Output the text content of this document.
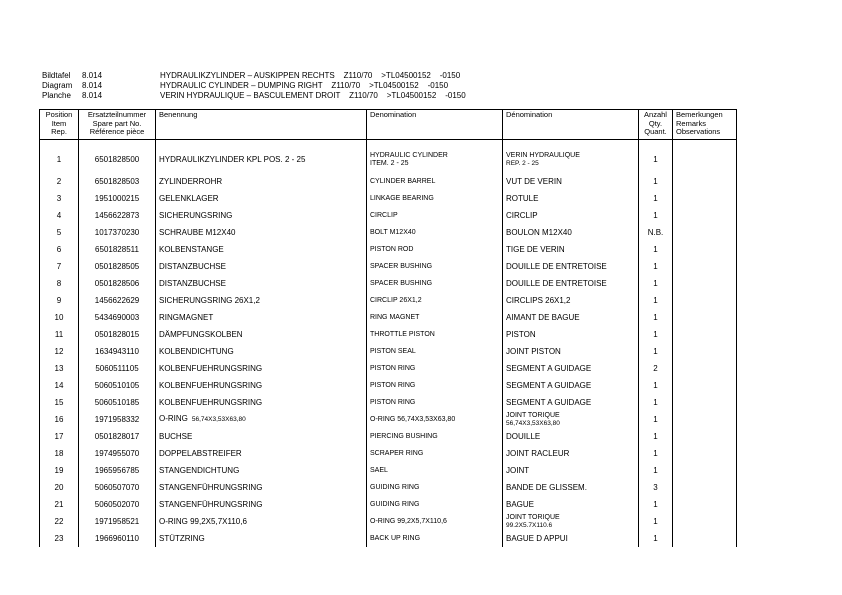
Bildtafel 8.014	HYDRAULIKZYLINDER – AUSKIPPEN RECHTS    Z110/70    >TL04500152    -0150
Diagram 8.014	HYDRAULIC CYLINDER – DUMPING RIGHT    Z110/70    >TL04500152    -0150
Planche 8.014	VERIN HYDRAULIQUE – BASCULEMENT DROIT    Z110/70    >TL04500152    -0150
Position
Item
Rep.	Ersatzteilnummer
Spare part No.
Référence pièce	Benennung	Denomination	Dénomination	Anzahl
Qty.
Quant.	Bemerkungen
Remarks
Observations

1	6501828500	HYDRAULIKZYLINDER KPL POS. 2 - 25	HYDRAULIC CYLINDER
ITEM. 2 - 25	VERIN HYDRAULIQUE
REP. 2 - 25	1	
2	6501828503	ZYLINDERROHR	CYLINDER BARREL	VUT DE VERIN	1	
3	1951000215	GELENKLAGER	LINKAGE BEARING	ROTULE	1	
4	1456622873	SICHERUNGSRING	CIRCLIP	CIRCLIP	1	
5	1017370230	SCHRAUBE M12X40	BOLT M12X40	BOULON M12X40	N.B.	
6	6501828511	KOLBENSTANGE	PISTON ROD	TIGE DE VERIN	1	
7	0501828505	DISTANZBUCHSE	SPACER BUSHING	DOUILLE DE ENTRETOISE	1	
8	0501828506	DISTANZBUCHSE	SPACER BUSHING	DOUILLE DE ENTRETOISE	1	
9	1456622629	SICHERUNGSRING 26X1,2	CIRCLIP 26X1,2	CIRCLIPS 26X1,2	1	
10	5434690003	RINGMAGNET	RING MAGNET	AIMANT DE BAGUE	1	
11	0501828015	DÄMPFUNGSKOLBEN	THROTTLE PISTON	PISTON	1	
12	1634943110	KOLBENDICHTUNG	PISTON SEAL	JOINT PISTON	1	
13	5060511105	KOLBENFUEHRUNGSRING	PISTON RING	SEGMENT A GUIDAGE	2	
14	5060510105	KOLBENFUEHRUNGSRING	PISTON RING	SEGMENT A GUIDAGE	1	
15	5060510185	KOLBENFUEHRUNGSRING	PISTON RING	SEGMENT A GUIDAGE	1	
16	1971958332	O-RING 56,74X3,53X63,80	O-RING 56,74X3,53X63,80	JOINT TORIQUE
56,74X3,53X63,80	1	
17	0501828017	BUCHSE	PIERCING BUSHING	DOUILLE	1	
18	1974955070	DOPPELABSTREIFER	SCRAPER RING	JOINT RACLEUR	1	
19	1965956785	STANGENDICHTUNG	SAEL	JOINT	1	
20	5060507070	STANGENFÜHRUNGSRING	GUIDING RING	BANDE DE GLISSEM.	3	
21	5060502070	STANGENFÜHRUNGSRING	GUIDING RING	BAGUE	1	
22	1971958521	O-RING 99,2X5,7X110,6	O-RING 99,2X5,7X110,6	JOINT TORIQUE
99.2X5.7X110.6	1	
23	1966960110	STÜTZRING	BACK UP RING	BAGUE D APPUI	1	
